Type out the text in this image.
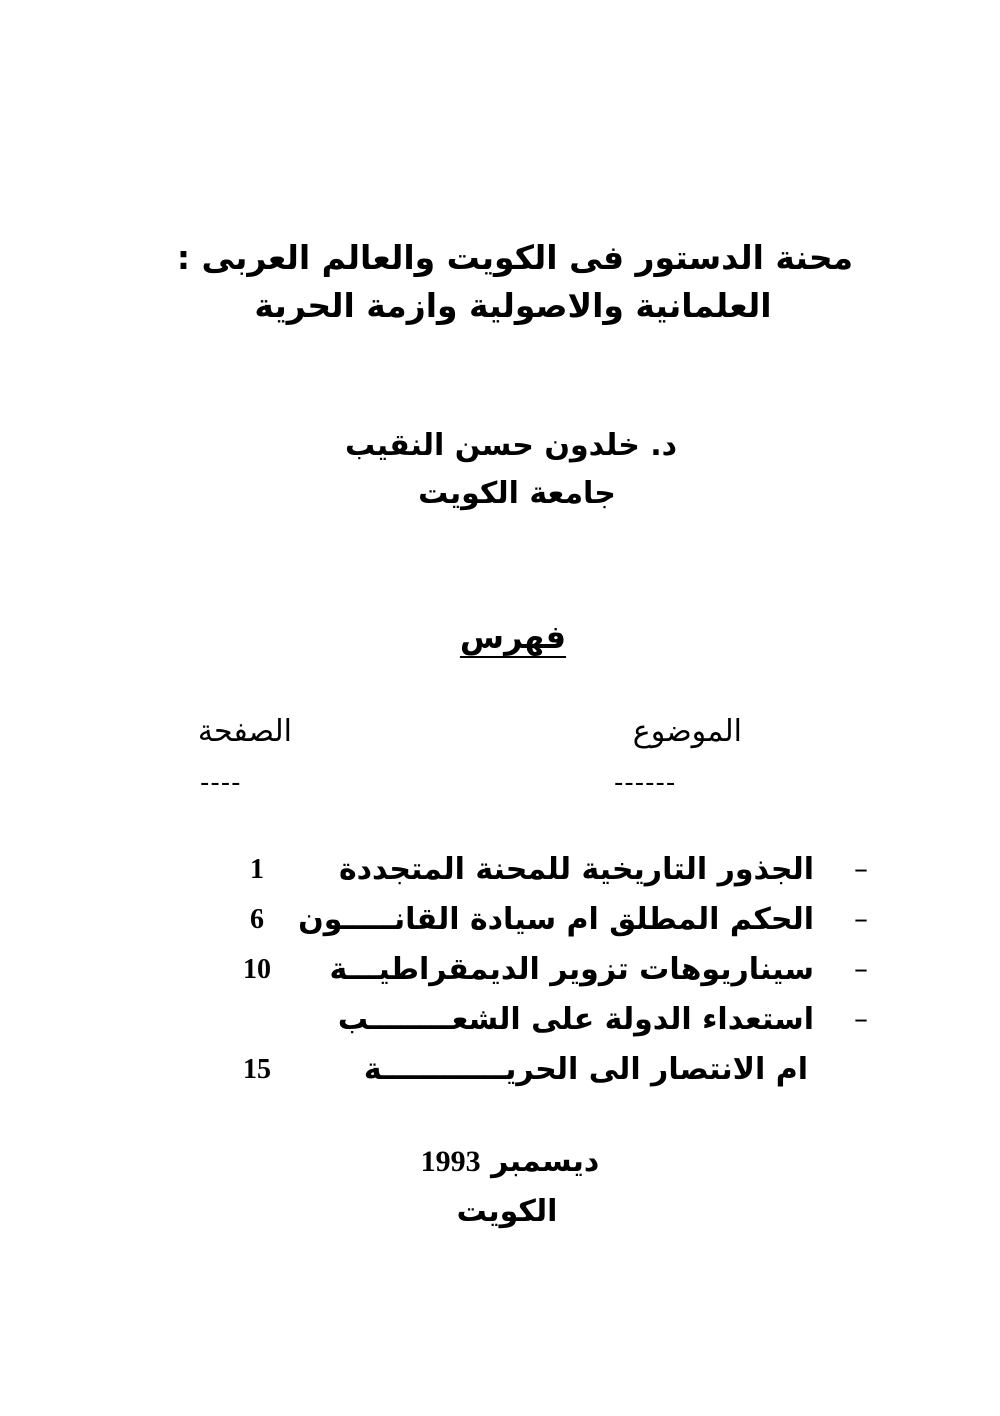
محنة الدستور فى الكويت والعالم العربى :
العلمانية والاصولية وازمة الحرية
د. خلدون حسن النقيب
جامعة الكويت
فهرس
الموضوع
الصفحة
------
----
–
الجذور التاريخية للمحنة المتجددة
1
–
الحكم المطلق ام سيادة القانـــــون
6
–
سيناريوهات تزوير الديمقراطيـــة
10
–
استعداء الدولة على الشعــــــــب
ام الانتصار الى الحريــــــــــــة
15
ديسمبر 1993
الكويت
